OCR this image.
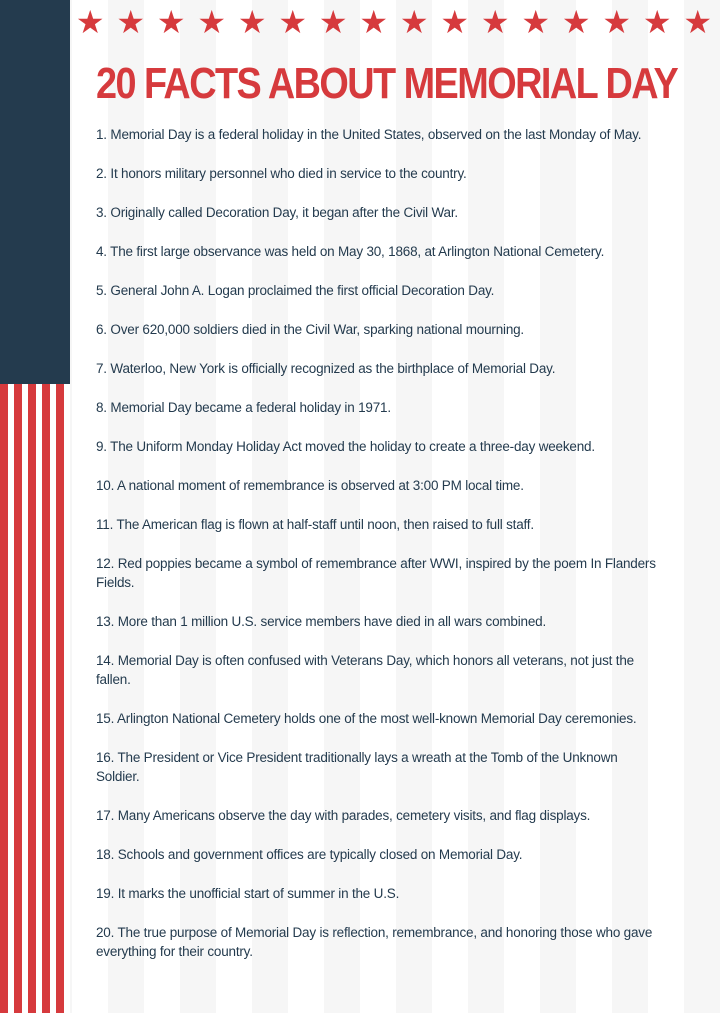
★ ★ ★ ★ ★ ★ ★ ★ ★ ★ ★ ★ ★ ★ ★ ★
20 FACTS ABOUT MEMORIAL DAY
1. Memorial Day is a federal holiday in the United States, observed on the last Monday of May.
2. It honors military personnel who died in service to the country.
3. Originally called Decoration Day, it began after the Civil War.
4. The first large observance was held on May 30, 1868, at Arlington National Cemetery.
5. General John A. Logan proclaimed the first official Decoration Day.
6. Over 620,000 soldiers died in the Civil War, sparking national mourning.
7. Waterloo, New York is officially recognized as the birthplace of Memorial Day.
8. Memorial Day became a federal holiday in 1971.
9. The Uniform Monday Holiday Act moved the holiday to create a three-day weekend.
10. A national moment of remembrance is observed at 3:00 PM local time.
11. The American flag is flown at half-staff until noon, then raised to full staff.
12. Red poppies became a symbol of remembrance after WWI, inspired by the poem In Flanders Fields.
13. More than 1 million U.S. service members have died in all wars combined.
14. Memorial Day is often confused with Veterans Day, which honors all veterans, not just the fallen.
15. Arlington National Cemetery holds one of the most well-known Memorial Day ceremonies.
16. The President or Vice President traditionally lays a wreath at the Tomb of the Unknown Soldier.
17. Many Americans observe the day with parades, cemetery visits, and flag displays.
18. Schools and government offices are typically closed on Memorial Day.
19. It marks the unofficial start of summer in the U.S.
20. The true purpose of Memorial Day is reflection, remembrance, and honoring those who gave everything for their country.
